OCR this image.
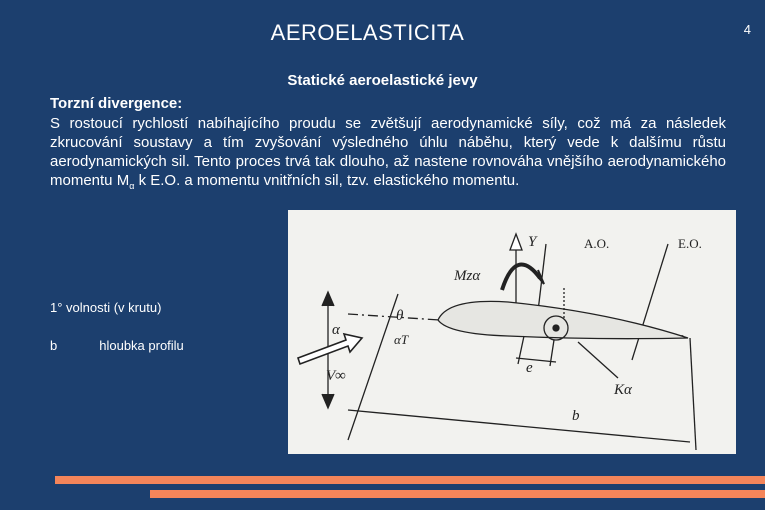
AEROELASTICITA	4
Statické aeroelastické jevy
Torzní divergence:
S rostoucí rychlostí nabíhajícího proudu se zvětšují aerodynamické síly, což má za následek zkrucování soustavy a tím zvyšování výsledného úhlu náběhu, který vede k dalšímu růstu aerodynamických sil. Tento proces trvá tak dlouho, až nastene rovnováha vnějšího aerodynamického momentu $M_\alpha$ k E.O. a momentu vnitřních sil, tzv. elastického momentu.
Y	A.O.	E.O.
Mzα
α
θ
αT
e
Kα
b
V∞
1° volnosti (v krutu)
b	hloubka profilu
